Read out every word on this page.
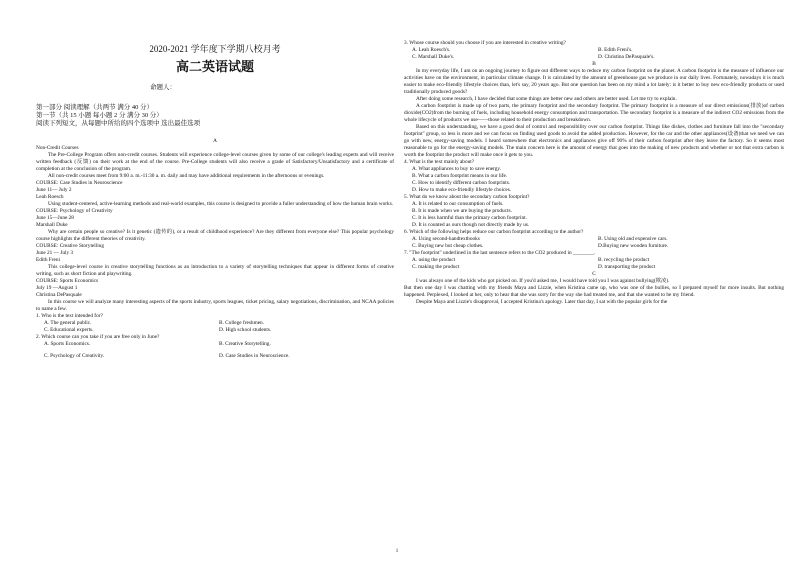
2020-2021 学年度下学期八校月考
高二英语试题
命题人：

第一部分 阅读理解（共两节 满分 40 分）

第一节（共 15 小题 每小题 2 分 满分 30 分）

阅读下列短文，从每题中所给的四个选项中 选出最佳选项

A

Non-Credit Courses

The Pre-College Program offers non-credit courses. Students will experience college-level courses given by some of our college's leading experts and will receive written feedback (反馈) on their work at the end of the course. Pre-College students will also receive a grade of Satisfactory/Unsatisfactory and a certificate of completion at the conclusion of the program.

All non-credit courses meet from 9:00 a. m.-11:30 a. m. daily and may have additional requirements in the afternoons or evenings.

COURSE: Case Studies in Neuroscience

June 11— July 2

Leah Roesch

Using student-centered, active-learning methods and real-world examples, this course is designed to provide a fuller understanding of how the human brain works.

COURSE: Psychology of Creativity

June 15—June 28

Marshall Duke

Why are certain people so creative? Is it genetic (遗传的), or a result of childhood experience? Are they different from everyone else? This popular psychology course highlights the different theories of creativity.

COURSE: Creative Storytelling

June 21 — July 3

Edith Freni

This college-level course in creative storytelling functions as an introduction to a variety of storytelling techniques that appear in different forms of creative writing, such as short fiction and playwriting.

COURSE: Sports Economics

July 19 —August 1

Christina DePasquale

In this course we will analyze many interesting aspects of the sports industry, sports leagues, ticket pricing, salary negotiations, discrimination, and NCAA policies to name a few.

1. Who is the text intended for?

A. The general public.	B. College freshmen.
C. Educational experts.	D. High school students.

2. Which course can you take if you are free only in June?

A. Sports Economics.	B. Creative Storytelling.
C. Psychology of Creativity.	D. Case Studies in Neuroscience.

3. Whose course should you choose if you are interested in creative writing?

A. Leah Roesch's.	B. Edith Freni's.
C. Marshall Duke's.	D. Christina DePasquale's.

B

In my everyday life, I am on an ongoing journey to figure out different ways to reduce my carbon footprint on the planet. A carbon footprint is the measure of influence our activities have on the environment, in particular climate change. It is calculated by the amount of greenhouse gas we produce in our daily lives. Fortunately, nowadays it is much easier to make eco-friendly lifestyle choices than, let's say, 20 years ago. But one question has been on my mind a lot lately: is it better to buy new eco-friendly products or used traditionally produced goods?

After doing some research, I have decided that some things are better new and others are better used. Let me try to explain.

A carbon footprint is made up of two parts, the primary footprint and the secondary footprint. The primary footprint is a measure of our direct emissions(排放)of carbon dioxide(CO2)from the burning of fuels, including household energy consumption and transportation. The secondary footprint is a measure of the indirect CO2 emissions from the whole lifecycle of products we use——those related to their production and breakdown.

Based on this understanding, we have a good deal of control and responsibility over our carbon footprint. Things like dishes, clothes and furniture fall into the "secondary footprint" group, so less is more and we can focus on finding used goods to avoid the added production. However, for the car and the other appliances(设备)that we need we can go with new, energy-saving models. I heard somewhere that electronics and appliances give off 90% of their carbon footprint after they leave the factory. So it seems most reasonable to go for the energy-saving models. The main concern here is the amount of energy that goes into the making of new products and whether or not that extra carbon is worth the footprint the product will make once it gets to you.

4. What is the text mainly about?

A. What appliances to buy to save energy.

B. What a carbon footprint means in our life.

C. How to identify different carbon footprints.

D. How to make eco-friendly lifestyle choices.

5. What do we know about the secondary carbon footprint?

A. It is related to our consumption of fuels.

B. It is made when we are buying the products.

C. It is less harmful than the primary carbon footprint.

D. It is counted as ours though not directly made by us.

6. Which of the following helps reduce our carbon footprint according to the author?

A. Using second-handtextbooks	B. Using old and expensive cars.
C. Buying new but cheap clothes.	D.Buying new wooden furniture.

7. "The footprint" underlined in the last sentence refers to the CO2 produced in ________.

A. using the product	B. recycling the product
C. making the product	D. transporting the product

C

I was always one of the kids who got picked on. If you'd asked me, I would have told you I was against bullying(欺凌).

But then one day I was chatting with my friends Maya and Lizzie, when Kristina came up, who was one of the bullies, so I prepared myself for more insults. But nothing happened. Perplexed, I looked at her, only to hear that she was sorry for the way she had treated me, and that she wanted to be my friend.

Despite Maya and Lizzie's disapproval, I accepted Kristina's apology. Later that day, I sat with the popular girls for the

1
